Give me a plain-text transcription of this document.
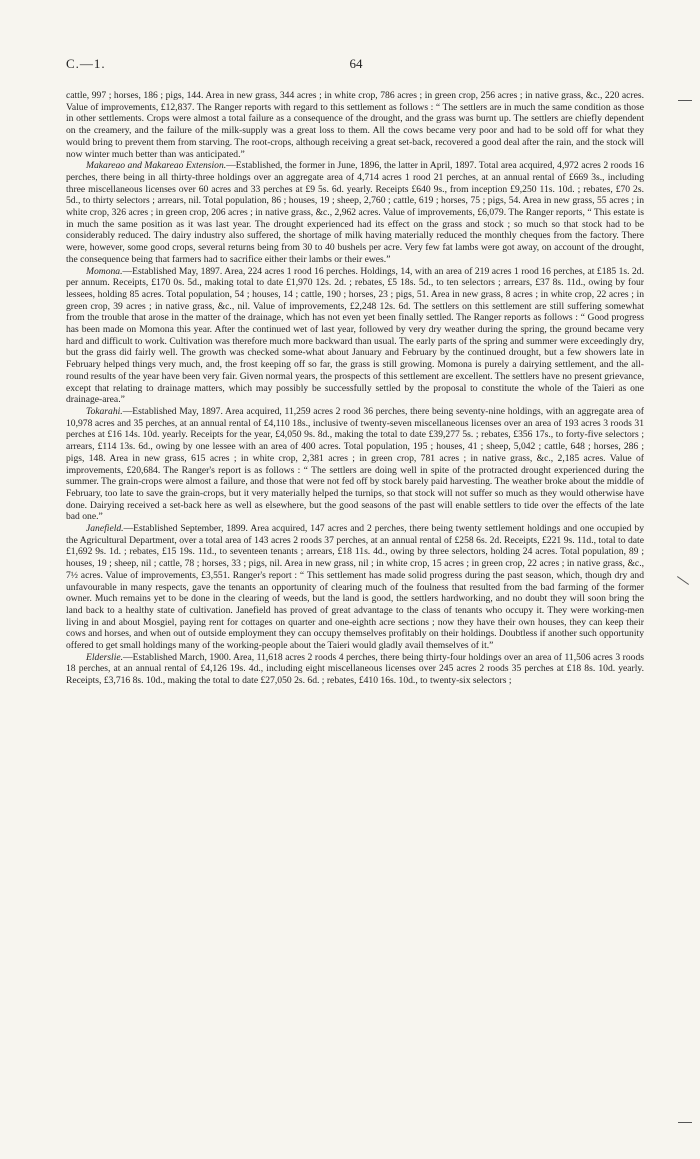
C.—1.	64

cattle, 997 ; horses, 186 ; pigs, 144. Area in new grass, 344 acres ; in white crop, 786 acres ; in green crop, 256 acres ; in native grass, &c., 220 acres. Value of improvements, £12,837. The Ranger reports with regard to this settlement as follows : “ The settlers are in much the same condition as those in other settlements. Crops were almost a total failure as a consequence of the drought, and the grass was burnt up. The settlers are chiefly dependent on the creamery, and the failure of the milk-supply was a great loss to them. All the cows became very poor and had to be sold off for what they would bring to prevent them from starving. The root-crops, although receiving a great set-back, recovered a good deal after the rain, and the stock will now winter much better than was anticipated.”

Makareao and Makareao Extension.—Established, the former in June, 1896, the latter in April, 1897. Total area acquired, 4,972 acres 2 roods 16 perches, there being in all thirty-three holdings over an aggregate area of 4,714 acres 1 rood 21 perches, at an annual rental of £669 3s., including three miscellaneous licenses over 60 acres and 33 perches at £9 5s. 6d. yearly. Receipts £640 9s., from inception £9,250 11s. 10d. ; rebates, £70 2s. 5d., to thirty selectors ; arrears, nil. Total population, 86 ; houses, 19 ; sheep, 2,760 ; cattle, 619 ; horses, 75 ; pigs, 54. Area in new grass, 55 acres ; in white crop, 326 acres ; in green crop, 206 acres ; in native grass, &c., 2,962 acres. Value of improvements, £6,079. The Ranger reports, “ This estate is in much the same position as it was last year. The drought experienced had its effect on the grass and stock ; so much so that stock had to be considerably reduced. The dairy industry also suffered, the shortage of milk having materially reduced the monthly cheques from the factory. There were, however, some good crops, several returns being from 30 to 40 bushels per acre. Very few fat lambs were got away, on account of the drought, the consequence being that farmers had to sacrifice either their lambs or their ewes.”

Momona.—Established May, 1897. Area, 224 acres 1 rood 16 perches. Holdings, 14, with an area of 219 acres 1 rood 16 perches, at £185 1s. 2d. per annum. Receipts, £170 0s. 5d., making total to date £1,970 12s. 2d. ; rebates, £5 18s. 5d., to ten selectors ; arrears, £37 8s. 11d., owing by four lessees, holding 85 acres. Total population, 54 ; houses, 14 ; cattle, 190 ; horses, 23 ; pigs, 51. Area in new grass, 8 acres ; in white crop, 22 acres ; in green crop, 39 acres ; in native grass, &c., nil. Value of improvements, £2,248 12s. 6d. The settlers on this settlement are still suffering somewhat from the trouble that arose in the matter of the drainage, which has not even yet been finally settled. The Ranger reports as follows : “ Good progress has been made on Momona this year. After the continued wet of last year, followed by very dry weather during the spring, the ground became very hard and difficult to work. Cultivation was therefore much more backward than usual. The early parts of the spring and summer were exceedingly dry, but the grass did fairly well. The growth was checked some-what about January and February by the continued drought, but a few showers late in February helped things very much, and, the frost keeping off so far, the grass is still growing. Momona is purely a dairying settlement, and the all-round results of the year have been very fair. Given normal years, the prospects of this settlement are excellent. The settlers have no present grievance, except that relating to drainage matters, which may possibly be successfully settled by the proposal to constitute the whole of the Taieri as one drainage-area.”

Tokarahi.—Established May, 1897. Area acquired, 11,259 acres 2 rood 36 perches, there being seventy-nine holdings, with an aggregate area of 10,978 acres and 35 perches, at an annual rental of £4,110 18s., inclusive of twenty-seven miscellaneous licenses over an area of 193 acres 3 roods 31 perches at £16 14s. 10d. yearly. Receipts for the year, £4,050 9s. 8d., making the total to date £39,277 5s. ; rebates, £356 17s., to forty-five selectors ; arrears, £114 13s. 6d., owing by one lessee with an area of 400 acres. Total population, 195 ; houses, 41 ; sheep, 5,042 ; cattle, 648 ; horses, 286 ; pigs, 148. Area in new grass, 615 acres ; in white crop, 2,381 acres ; in green crop, 781 acres ; in native grass, &c., 2,185 acres. Value of improvements, £20,684. The Ranger's report is as follows : “ The settlers are doing well in spite of the protracted drought experienced during the summer. The grain-crops were almost a failure, and those that were not fed off by stock barely paid harvesting. The weather broke about the middle of February, too late to save the grain-crops, but it very materially helped the turnips, so that stock will not suffer so much as they would otherwise have done. Dairying received a set-back here as well as elsewhere, but the good seasons of the past will enable settlers to tide over the effects of the late bad one.”

Janefield.—Established September, 1899. Area acquired, 147 acres and 2 perches, there being twenty settlement holdings and one occupied by the Agricultural Department, over a total area of 143 acres 2 roods 37 perches, at an annual rental of £258 6s. 2d. Receipts, £221 9s. 11d., total to date £1,692 9s. 1d. ; rebates, £15 19s. 11d., to seventeen tenants ; arrears, £18 11s. 4d., owing by three selectors, holding 24 acres. Total population, 89 ; houses, 19 ; sheep, nil ; cattle, 78 ; horses, 33 ; pigs, nil. Area in new grass, nil ; in white crop, 15 acres ; in green crop, 22 acres ; in native grass, &c., 7½ acres. Value of improvements, £3,551. Ranger's report : “ This settlement has made solid progress during the past season, which, though dry and unfavourable in many respects, gave the tenants an opportunity of clearing much of the foulness that resulted from the bad farming of the former owner. Much remains yet to be done in the clearing of weeds, but the land is good, the settlers hardworking, and no doubt they will soon bring the land back to a healthy state of cultivation. Janefield has proved of great advantage to the class of tenants who occupy it. They were working-men living in and about Mosgiel, paying rent for cottages on quarter and one-eighth acre sections ; now they have their own houses, they can keep their cows and horses, and when out of outside employment they can occupy themselves profitably on their holdings. Doubtless if another such opportunity offered to get small holdings many of the working-people about the Taieri would gladly avail themselves of it.”

Elderslie.—Established March, 1900. Area, 11,618 acres 2 roods 4 perches, there being thirty-four holdings over an area of 11,506 acres 3 roods 18 perches, at an annual rental of £4,126 19s. 4d., including eight miscellaneous licenses over 245 acres 2 roods 35 perches at £18 8s. 10d. yearly. Receipts, £3,716 8s. 10d., making the total to date £27,050 2s. 6d. ; rebates, £410 16s. 10d., to twenty-six selectors ;
